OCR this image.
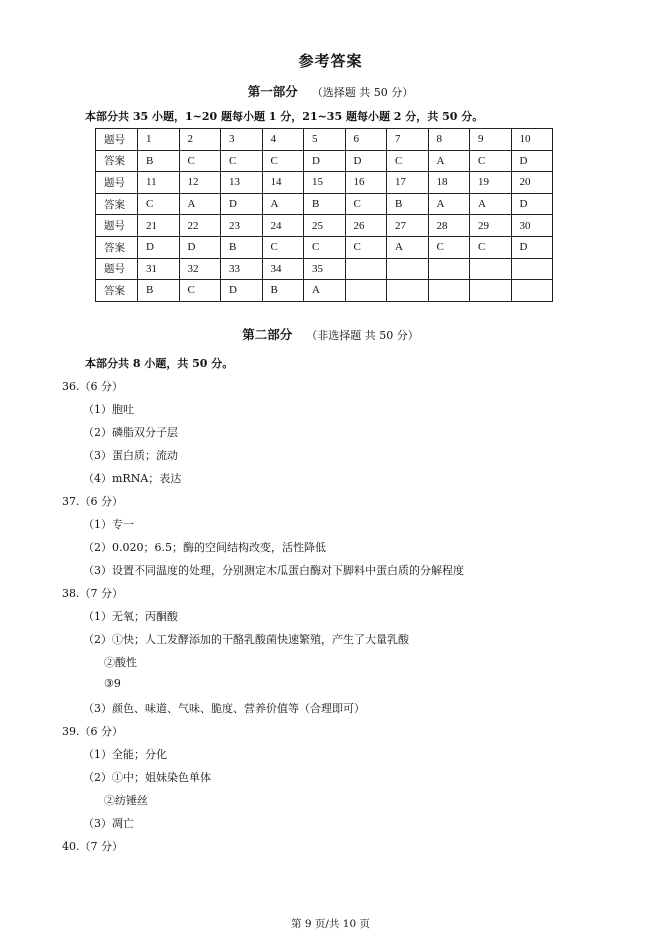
参考答案
第一部分 （选择题 共 50 分）
本部分共 35 小题，1~20 题每小题 1 分，21~35 题每小题 2 分，共 50 分。
题号	1	2	3	4	5	6	7	8	9	10
答案	B	C	C	C	D	D	C	A	C	D
题号	11	12	13	14	15	16	17	18	19	20
答案	C	A	D	A	B	C	B	A	A	D
题号	21	22	23	24	25	26	27	28	29	30
答案	D	D	B	C	C	C	A	C	C	D
题号	31	32	33	34	35					
答案	B	C	D	B	A					
第二部分 （非选择题 共 50 分）
本部分共 8 小题，共 50 分。
36.（6 分）
（1）胞吐
（2）磷脂双分子层
（3）蛋白质；流动
（4）mRNA；表达
37.（6 分）
（1）专一
（2）0.020；6.5；酶的空间结构改变，活性降低
（3）设置不同温度的处理，分别测定木瓜蛋白酶对下脚料中蛋白质的分解程度
38.（7 分）
（1）无氧；丙酮酸
（2）①快；人工发酵添加的干酪乳酸菌快速繁殖，产生了大量乳酸
②酸性
③9
（3）颜色、味道、气味、脆度、营养价值等（合理即可）
39.（6 分）
（1）全能；分化
（2）①中；姐妹染色单体
②纺锤丝
（3）凋亡
40.（7 分）
第 9 页/共 10 页
